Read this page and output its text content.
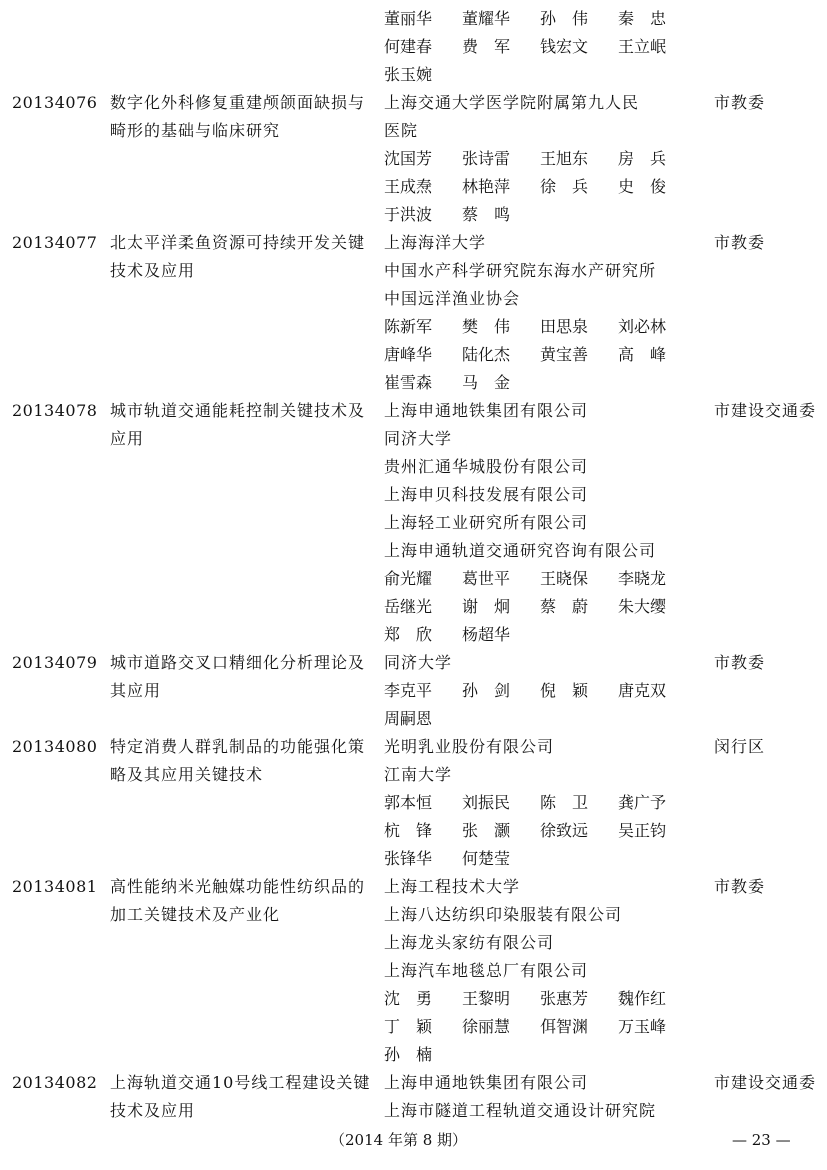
董丽华 董耀华 孙　伟 秦　忠
何建春 费　军 钱宏文 王立岷
张玉婉
20134076 数字化外科修复重建颅颌面缺损与畸形的基础与临床研究
市教委
上海交通大学医学院附属第九人民
医院
沈国芳 张诗雷 王旭东 房　兵
王成焘 林艳萍 徐　兵 史　俊
于洪波 蔡　鸣
20134077 北太平洋柔鱼资源可持续开发关键技术及应用
市教委
上海海洋大学
中国水产科学研究院东海水产研究所
中国远洋渔业协会
陈新军 樊　伟 田思泉 刘必林
唐峰华 陆化杰 黄宝善 高　峰
崔雪森 马　金
20134078 城市轨道交通能耗控制关键技术及应用
市建设交通委
上海申通地铁集团有限公司
同济大学
贵州汇通华城股份有限公司
上海申贝科技发展有限公司
上海轻工业研究所有限公司
上海申通轨道交通研究咨询有限公司
俞光耀 葛世平 王晓保 李晓龙
岳继光 谢　炯 蔡　蔚 朱大缨
郑　欣 杨超华
20134079 城市道路交叉口精细化分析理论及其应用
市教委
同济大学
李克平 孙　剑 倪　颖 唐克双
周嗣恩
20134080 特定消费人群乳制品的功能强化策略及其应用关键技术
闵行区
光明乳业股份有限公司
江南大学
郭本恒 刘振民 陈　卫 龚广予
杭　锋 张　灏 徐致远 吴正钧
张锋华 何楚莹
20134081 高性能纳米光触媒功能性纺织品的加工关键技术及产业化
市教委
上海工程技术大学
上海八达纺织印染服装有限公司
上海龙头家纺有限公司
上海汽车地毯总厂有限公司
沈　勇 王黎明 张惠芳 魏作红
丁　颖 徐丽慧 佴智渊 万玉峰
孙　楠
20134082 上海轨道交通10号线工程建设关键技术及应用
市建设交通委
上海申通地铁集团有限公司
上海市隧道工程轨道交通设计研究院
（2014 年第 8 期）	— 23 —
